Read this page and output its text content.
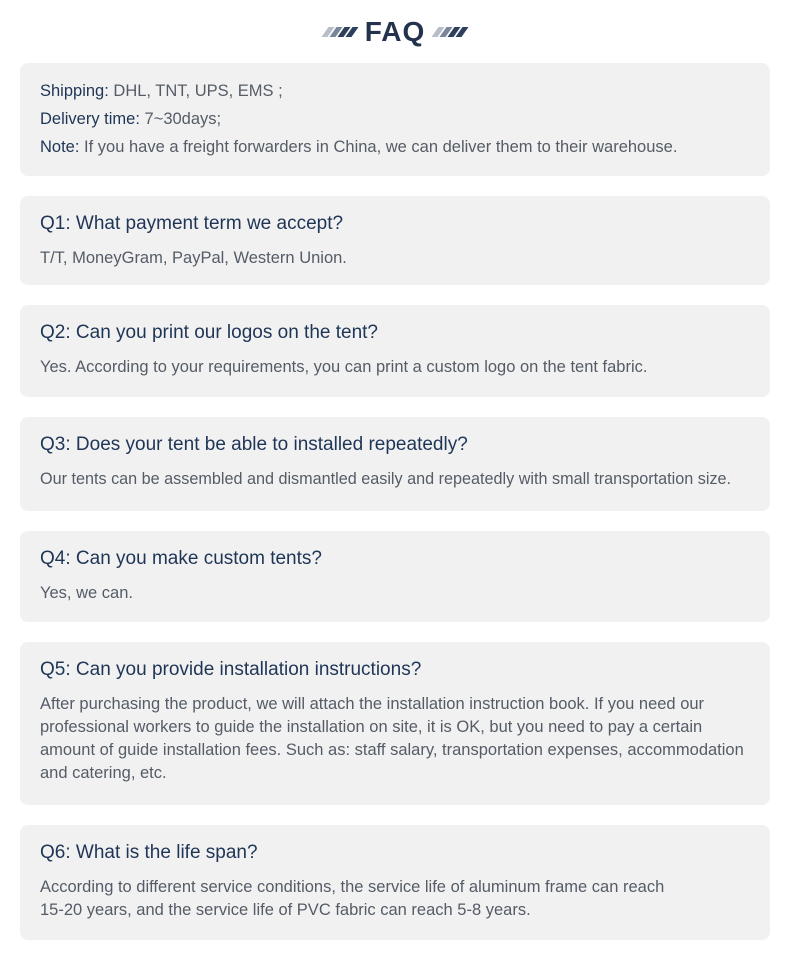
FAQ
Shipping: DHL, TNT, UPS, EMS ;
Delivery time: 7~30days;
Note: If you have a freight forwarders in China, we can deliver them to their warehouse.
Q1: What payment term we accept?
T/T, MoneyGram, PayPal, Western Union.
Q2: Can you print our logos on the tent?
Yes. According to your requirements, you can print a custom logo on the tent fabric.
Q3: Does your tent be able to installed repeatedly?
Our tents can be assembled and dismantled easily and repeatedly with small transportation size.
Q4: Can you make custom tents?
Yes, we can.
Q5: Can you provide installation instructions?
After purchasing the product, we will attach the installation instruction book. If you need our professional workers to guide the installation on site, it is OK, but you need to pay a certain amount of guide installation fees. Such as: staff salary, transportation expenses, accommodation and catering, etc.
Q6: What is the life span?
According to different service conditions, the service life of aluminum frame can reach
15-20 years, and the service life of PVC fabric can reach 5-8 years.
